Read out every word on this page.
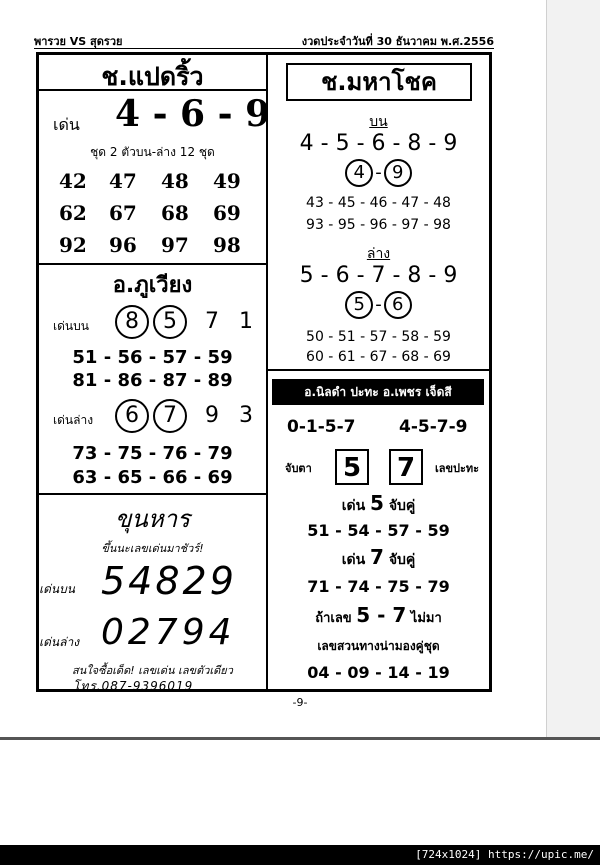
พารวย VS สุดรวย	งวดประจำวันที่ 30 ธันวาคม พ.ศ.2556
ช.แปดริ้ว
เด่น 4 - 6 - 9
ชุด 2 ตัวบน-ล่าง 12 ชุด
42 47 48 49
62 67 68 69
92 96 97 98
อ.ภูเวียง
เด่นบน	8 5 7 1
51 - 56 - 57 - 59
81 - 86 - 87 - 89
เด่นล่าง	6 7 9 3
73 - 75 - 76 - 79
63 - 65 - 66 - 69
ขุนหาร
ขึ้นนะเลขเด่นมาชัวร์!
เด่นบน 54829
เด่นล่าง 02794
สนใจซื้อเด็ด! เลขเด่น เลขตัวเดียว
โทร.087-9396019
ช.มหาโชค
บน
4 - 5 - 6 - 8 - 9
4 - 9
43 - 45 - 46 - 47 - 48
93 - 95 - 96 - 97 - 98
ล่าง
5 - 6 - 7 - 8 - 9
5 - 6
50 - 51 - 57 - 58 - 59
60 - 61 - 67 - 68 - 69
อ.นิลดำ ปะทะ อ.เพชร เจ็ดสี
0-1-5-7	4-5-7-9
จับตา	5	7	เลขปะทะ
เด่น 5 จับคู่
51 - 54 - 57 - 59
เด่น 7 จับคู่
71 - 74 - 75 - 79
ถ้าเลข 5 - 7 ไม่มา
เลขสวนทางน่ามองคู่ชุด
04 - 09 - 14 - 19
-9-
[724x1024] https://upic.me/
